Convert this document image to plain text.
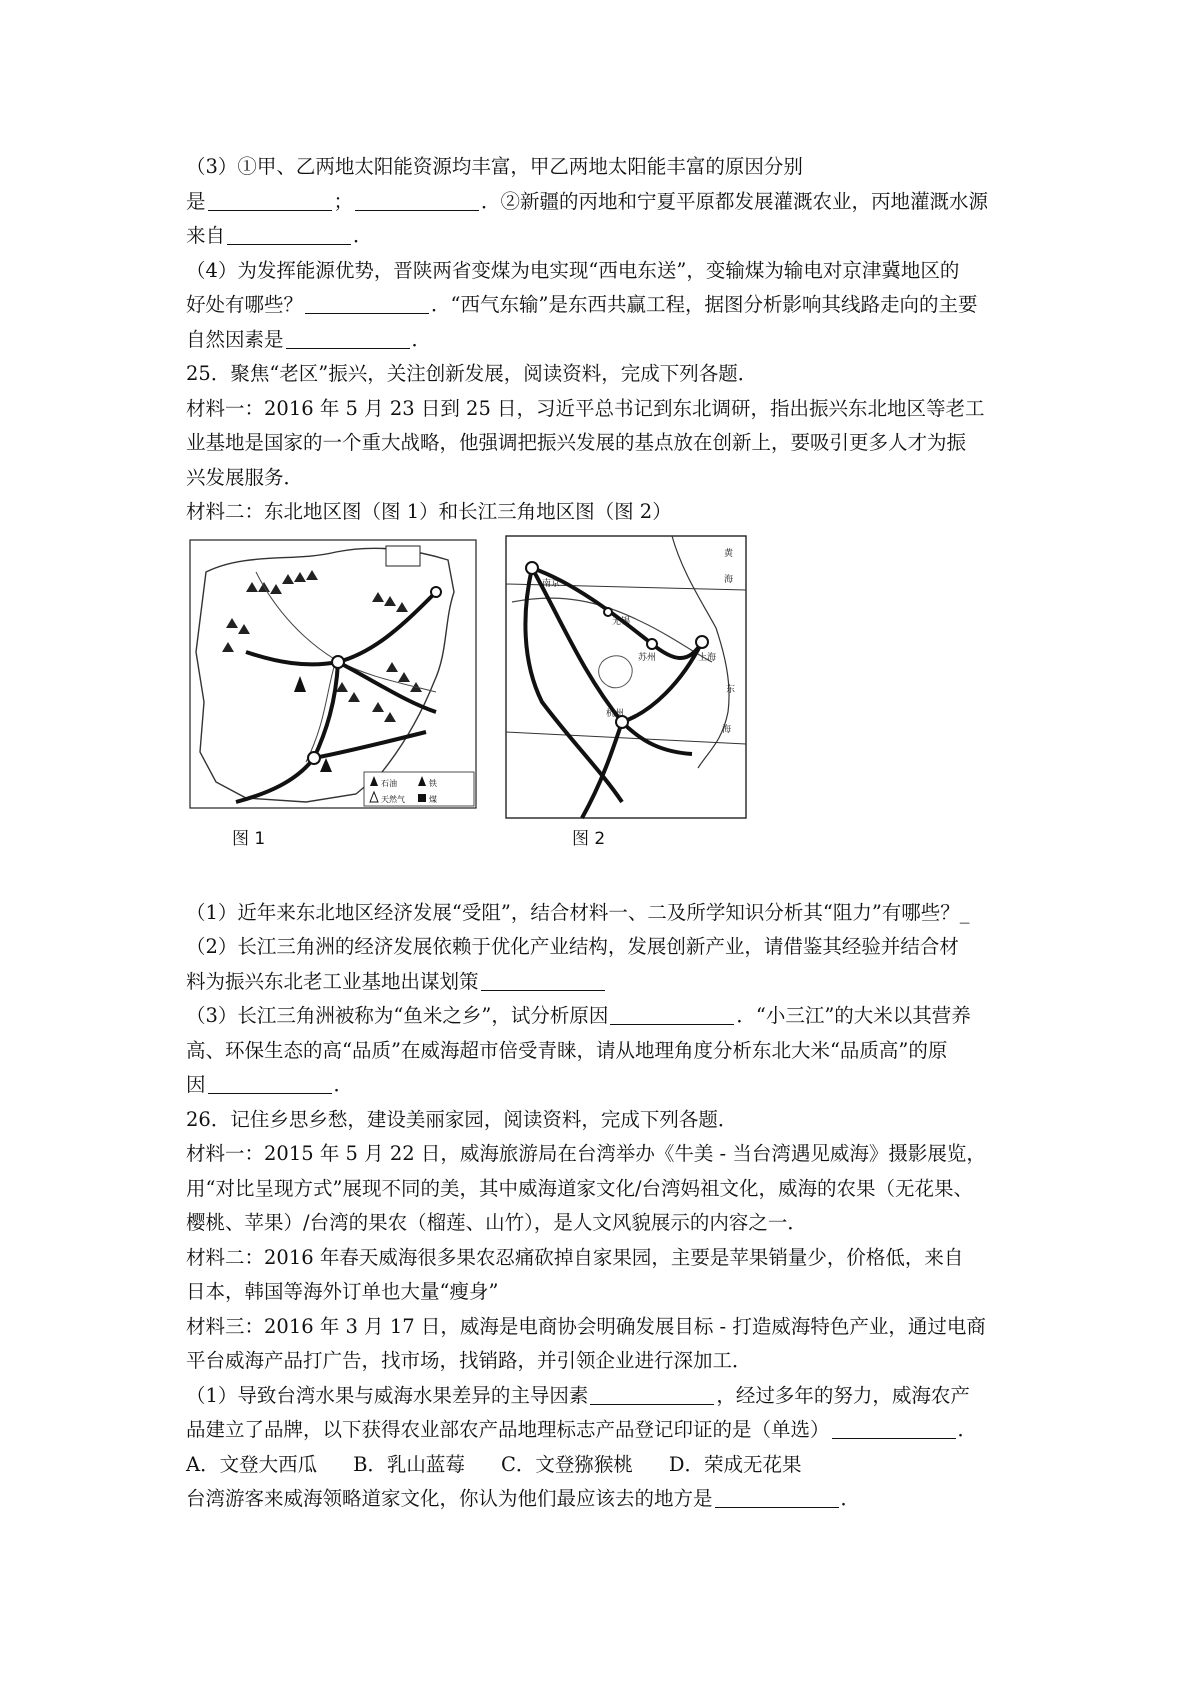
（3）①甲、乙两地太阳能资源均丰富，甲乙两地太阳能丰富的原因分别
是	；	．②新疆的丙地和宁夏平原都发展灌溉农业，丙地灌溉水源
来自	．
（4）为发挥能源优势，晋陕两省变煤为电实现“西电东送”，变输煤为输电对京津冀地区的
好处有哪些？	．“西气东输”是东西共赢工程，据图分析影响其线路走向的主要
自然因素是	．
25．聚焦“老区”振兴，关注创新发展，阅读资料，完成下列各题．
材料一：2016 年 5 月 23 日到 25 日，习近平总书记到东北调研，指出振兴东北地区等老工
业基地是国家的一个重大战略，他强调把振兴发展的基点放在创新上，要吸引更多人才为振
兴发展服务．
材料二：东北地区图（图 1）和长江三角地区图（图 2）
石油	铁
天然气	煤
图 1
南京
无锡
苏州	上海
杭州
黄
海
东
海
图 2
（1）近年来东北地区经济发展“受阻”，结合材料一、二及所学知识分析其“阻力”有哪些？_
（2）长江三角洲的经济发展依赖于优化产业结构，发展创新产业，请借鉴其经验并结合材
料为振兴东北老工业基地出谋划策
（3）长江三角洲被称为“鱼米之乡”，试分析原因	．“小三江”的大米以其营养
高、环保生态的高“品质”在威海超市倍受青睐，请从地理角度分析东北大米“品质高”的原
因	．
26．记住乡思乡愁，建设美丽家园，阅读资料，完成下列各题．
材料一：2015 年 5 月 22 日，威海旅游局在台湾举办《牛美 - 当台湾遇见威海》摄影展览，
用“对比呈现方式”展现不同的美，其中威海道家文化/台湾妈祖文化，威海的农果（无花果、
樱桃、苹果）/台湾的果农（榴莲、山竹），是人文风貌展示的内容之一．
材料二：2016 年春天威海很多果农忍痛砍掉自家果园，主要是苹果销量少，价格低，来自
日本，韩国等海外订单也大量“瘦身”
材料三：2016 年 3 月 17 日，威海是电商协会明确发展目标 - 打造威海特色产业，通过电商
平台威海产品打广告，找市场，找销路，并引领企业进行深加工．
（1）导致台湾水果与威海水果差异的主导因素	，经过多年的努力，威海农产
品建立了品牌，以下获得农业部农产品地理标志产品登记印证的是（单选）	．
A．文登大西瓜 B．乳山蓝莓 C．文登猕猴桃 D．荣成无花果
台湾游客来威海领略道家文化，你认为他们最应该去的地方是	．
